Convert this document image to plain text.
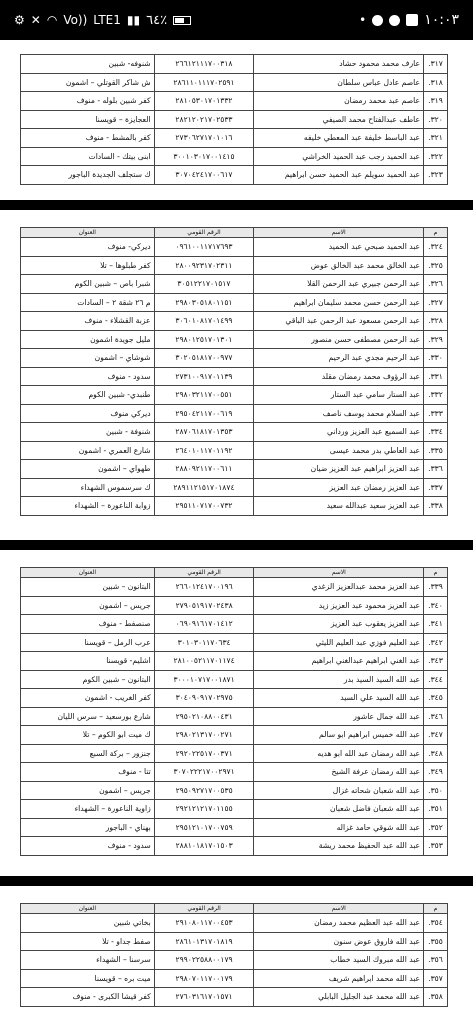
⚙ ✕ ◠ Vo)) LTE1 ▮▮ ٦٤٪	•	١٠:٠٣
٣١٧.	عارف محمد محمود حشاد	٢٦٦١٢١١١٧٠٠٣١٨	شنوفه- شبين
٣١٨.	عاصم عادل عباس سلطان	٢٨٦١١٠١١١٧٠٢٥٩١	ش شاكر القوتلي – اشمون
٣١٩.	عاصم عبد محمد رمضان	٢٨١٠٥٣٠١٧٠١٣٣٢	كفر شبين بلوله - منوف
٣٢٠.	عاطف عبدالفتاح محمد الصيفي	٢٨٢١٢٠٢١٧٠٢٥٣٣	العجايزة – قويسنا
٣٢١.	عبد الباسط خليفة عبد المعطي خليفه	٢٧٣٠٦٢٧١٧٠١٠١٦	كفر بالمشط - منوف
٣٢٢.	عبد الحميد رجب عبد الحميد الخراشي	٣٠٠١٠٣٠١٧٠٠١٤١٥	ابنى بيتك - السادات
٣٢٣.	عبد الحميد سويلم عبد الحميد حسن ابراهيم	٣٠٧٠٤٢٤١٧٠٠٦١٧	ك ستجلف الجديدة الباجور
م	الاسم	الرقم القومي	العنوان
٣٢٤.	عبد الحميد صبحي عبد الحميد	٠٩٦١٠٠١١٧١٧٦٩٣	ديركي- منوف
٣٢٥.	عبد الخالق محمد عبد الخالق عوض	٢٨٠٠٩٢٣١٧٠٢٣١١	كفر طبلوها – تلا
٣٢٦.	عبد الرحمن جبيري عبد الرحمن القلا	٣٠٥١٢٢١٧٠١٥١٧	شبرا باص – شبين الكوم
٣٢٧.	عبد الرحمن حسن محمد سليمان ابراهيم	٢٩٨٠٣٠٥١٨٠١١٥١	م ٢٦ شقة ٢ – السادات
٣٢٨.	عبد الرحمن مسعود عبد الرحمن عبد الباقي	٣٠٦٠١٠٨١٧٠١٤٩٩	عزبة القشلاء - منوف
٣٢٩.	عبد الرحمن مصطفى حسن منصور	٢٩٨٠١٢٥١٧٠١٣٠١	مليل جويدة اشمون
٣٣٠.	عبد الرحيم مجدي عبد الرحيم	٣٠٢٠٥١٨١٧٠٠٩٧٧	شوشاي – اشمون
٣٣١.	عبد الرؤوف محمد رمضان مقلد	٢٧٣١٠٠٩١٧٠١١٣٩	سدود - منوف
٣٣٢.	عبد الستار سامي عبد الستار	٢٩٨٠٣٢١١٧٠٠٥٥١	طنبدي- شبين الكوم
٣٣٣.	عبد السلام محمد يوسف ناصف	٢٩٥٠٤٢١١٧٠٠٦١٩	ديركي منوف
٣٣٤.	عبد السميع عبد العزيز ورداني	٢٨٧٠٦١٨١٧٠١٣٥٣	شنوفة - شبين
٣٣٥.	عبد العاطي بدر محمد عيسى	٢٦٤٠١٠١١٧٠١١٩٢	شارع العمري - اشمون
٣٣٦.	عبد العزيز ابراهيم عبد العزيز ضيان	٢٨٨٠٩٢١١٧٠٠٦١١	طهواي – اشمون
٣٣٧.	عبد العزيز رمضان عبد العزيز	٢٨٩١١٢١٥١٧٠١٨٧٤	ك سرسموس الشهداء
٣٣٨.	عبد العزيز سعيد عبدالله سعيد	٢٩٥١١٠٧١٧٠٠٧٣٢	زوابة الناعورة – الشهداء
م	الاسم	الرقم القومي	العنوان
٣٣٩.	عبد العزيز محمد عبدالعزيز الزغدي	٢٦٦٠١٢٤١٧٠٠١٩٦	البتانون – شبين
٣٤٠.	عبد العزيز محمود عبد العزيز زيد	٢٧٩٠٥١٩١٧٠٢٤٣٨	جريس – اشمون
٣٤١.	عبد العزيز يعقوب عبد العزيز	٠٦٩٠٩١٦١٧٠١٤١٢	صنصفط - منوف
٣٤٢.	عبد العليم فوزي عبد العليم الليثي	٣٠١٠٣٠١١٧٠٦٣٤	عرب الرمل – قويسنا
٣٤٣.	عبد الغني ابراهيم عبدالغني ابراهيم	٢٨١٠٠٥٢١١٧٠١١٧٤	اشليم- قويسنا
٣٤٤.	عبد الله السيد السيد بدر	٣٠٠٠١٠٧١٧٠٠١٨٧١	البتانون – شبين الكوم
٣٤٥.	عبد الله السيد علي السيد	٣٠٤٠٩٠٩١٧٠٢٩٧٥	كفر الغريب - اشمون
٣٤٦.	عبد الله جمال عاشور	٢٩٥٠٢١٠٨٨٠٠٤٣١	شارع بورسعيد – سرس الليان
٣٤٧.	عبد الله خميس ابراهيم ابو سالم	٢٩٨٠٢١٣١٧٠٠٢٧١	ك ميت ابو الكوم – تلا
٣٤٨.	عبد الله رمضان عبد الله ابو هديه	٢٩٢٠٢٢٥١٧٠٠٣٧١	جنزور – بركة السبع
٣٤٩.	عبد الله رمضان عرفة الشيخ	٣٠٧٠٢٢٢١٧٠٠٢٩٧١	تتا - منوف
٣٥٠.	عبد الله شعبان شحاته غزال	٢٩٥٠٩٢٧١٧٠٠٥٣٥	جريس – اشمون
٣٥١.	عبد الله شعبان فاضل شعبان	٢٩٢١٢١٢١٧٠١١٥٥	زاوية الناعورة – الشهداء
٣٥٢.	عبد الله شوقي حامد غزاله	٢٩٥١٢١٠١٧٠٠٧٥٩	بهناي - الباجور
٣٥٣.	عبد الله عبد الحفيظ محمد ريشة	٢٨٨١٠١٨١٧٠١٥٠٣	سدود - منوف
م	الاسم	الرقم القومي	العنوان
٣٥٤.	عبد الله عبد العظيم محمد رمضان	٢٩١٠٨٠١١٧٠٠٤٥٣	بخاتي شبين
٣٥٥.	عبد الله فاروق عوض سنون	٢٨٦١٠١٣١٧٠١٨١٩	صفط جداو - تلا
٣٥٦.	عبد الله مبروك السيد خطاب	٢٩٩٠٢٢٥٨٨٠٠١٧٩	سرسنا – الشهداء
٣٥٧.	عبد الله محمد ابراهيم شريف	٢٩٨٠٧٠١١٧٠٠١٧٩	ميت بره – قويسنا
٣٥٨.	عبد الله محمد عبد الجليل البابلي	٢٧٦٠٣١٦١٧٠١٥٧١	كفر قيشا الكبرى - منوف
